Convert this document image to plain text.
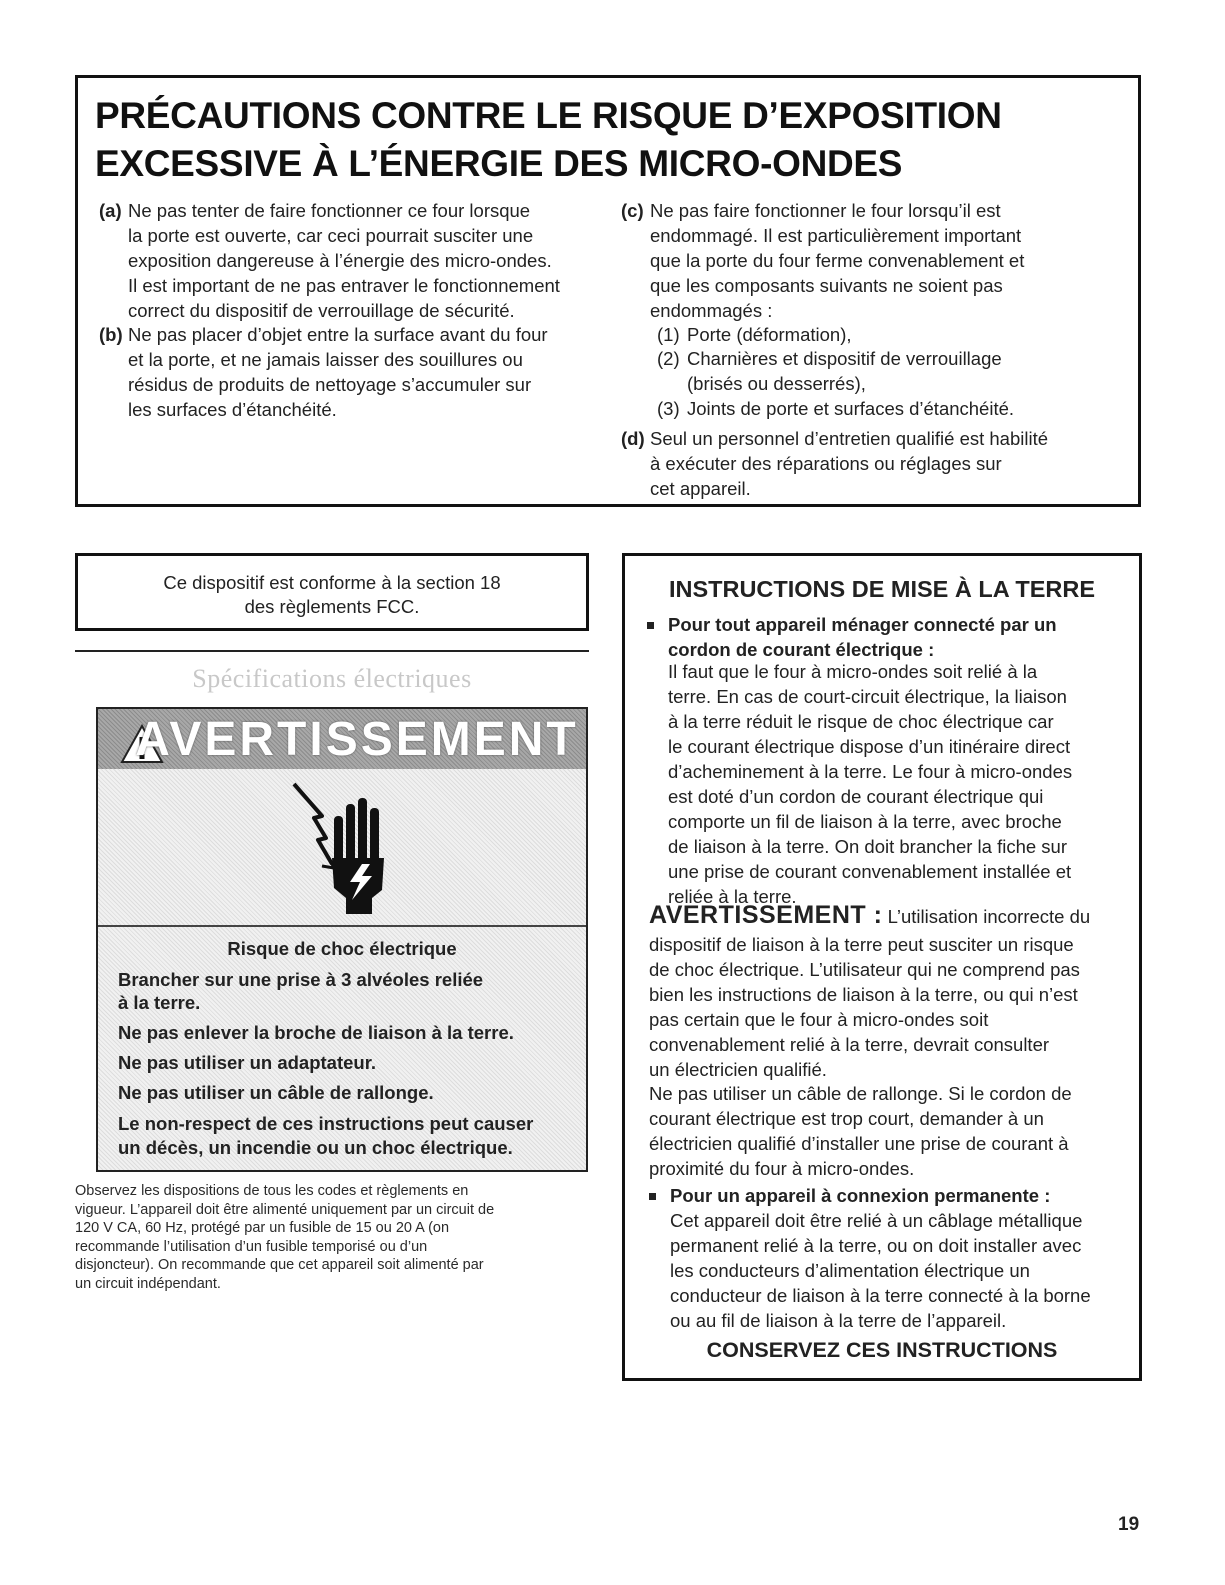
PRÉCAUTIONS CONTRE LE RISQUE D’EXPOSITION
EXCESSIVE À L’ÉNERGIE DES MICRO-ONDES
(a) Ne pas tenter de faire fonctionner ce four lorsque
la porte est ouverte, car ceci pourrait susciter une
exposition dangereuse à l’énergie des micro-ondes.
Il est important de ne pas entraver le fonctionnement
correct du dispositif de verrouillage de sécurité.
(b) Ne pas placer d’objet entre la surface avant du four
et la porte, et ne jamais laisser des souillures ou
résidus de produits de nettoyage s’accumuler sur
les surfaces d’étanchéité.
(c) Ne pas faire fonctionner le four lorsqu’il est
endommagé. Il est particulièrement important
que la porte du four ferme convenablement et
que les composants suivants ne soient pas
endommagés :
(1) Porte (déformation),
(2) Charnières et dispositif de verrouillage
(brisés ou desserrés),
(3) Joints de porte et surfaces d’étanchéité.
(d) Seul un personnel d’entretien qualifié est habilité
à exécuter des réparations ou réglages sur
cet appareil.
Ce dispositif est conforme à la section 18
des règlements FCC.
Spécifications électriques
AVERTISSEMENT
Risque de choc électrique
Brancher sur une prise à 3 alvéoles reliée
à la terre.
Ne pas enlever la broche de liaison à la terre.
Ne pas utiliser un adaptateur.
Ne pas utiliser un câble de rallonge.
Le non-respect de ces instructions peut causer
un décès, un incendie ou un choc électrique.
Observez les dispositions de tous les codes et règlements en
vigueur. L’appareil doit être alimenté uniquement par un circuit de
120 V CA, 60 Hz, protégé par un fusible de 15 ou 20 A (on
recommande l’utilisation d’un fusible temporisé ou d’un
disjoncteur). On recommande que cet appareil soit alimenté par
un circuit indépendant.
INSTRUCTIONS DE MISE À LA TERRE
Pour tout appareil ménager connecté par un
cordon de courant électrique :
Il faut que le four à micro-ondes soit relié à la
terre. En cas de court-circuit électrique, la liaison
à la terre réduit le risque de choc électrique car
le courant électrique dispose d’un itinéraire direct
d’acheminement à la terre. Le four à micro-ondes
est doté d’un cordon de courant électrique qui
comporte un fil de liaison à la terre, avec broche
de liaison à la terre. On doit brancher la fiche sur
une prise de courant convenablement installée et
reliée à la terre.
AVERTISSEMENT : L’utilisation incorrecte du
dispositif de liaison à la terre peut susciter un risque
de choc électrique. L’utilisateur qui ne comprend pas
bien les instructions de liaison à la terre, ou qui n’est
pas certain que le four à micro-ondes soit
convenablement relié à la terre, devrait consulter
un électricien qualifié.
Ne pas utiliser un câble de rallonge. Si le cordon de
courant électrique est trop court, demander à un
électricien qualifié d’installer une prise de courant à
proximité du four à micro-ondes.
Pour un appareil à connexion permanente :
Cet appareil doit être relié à un câblage métallique
permanent relié à la terre, ou on doit installer avec
les conducteurs d’alimentation électrique un
conducteur de liaison à la terre connecté à la borne
ou au fil de liaison à la terre de l’appareil.
CONSERVEZ CES INSTRUCTIONS
19
